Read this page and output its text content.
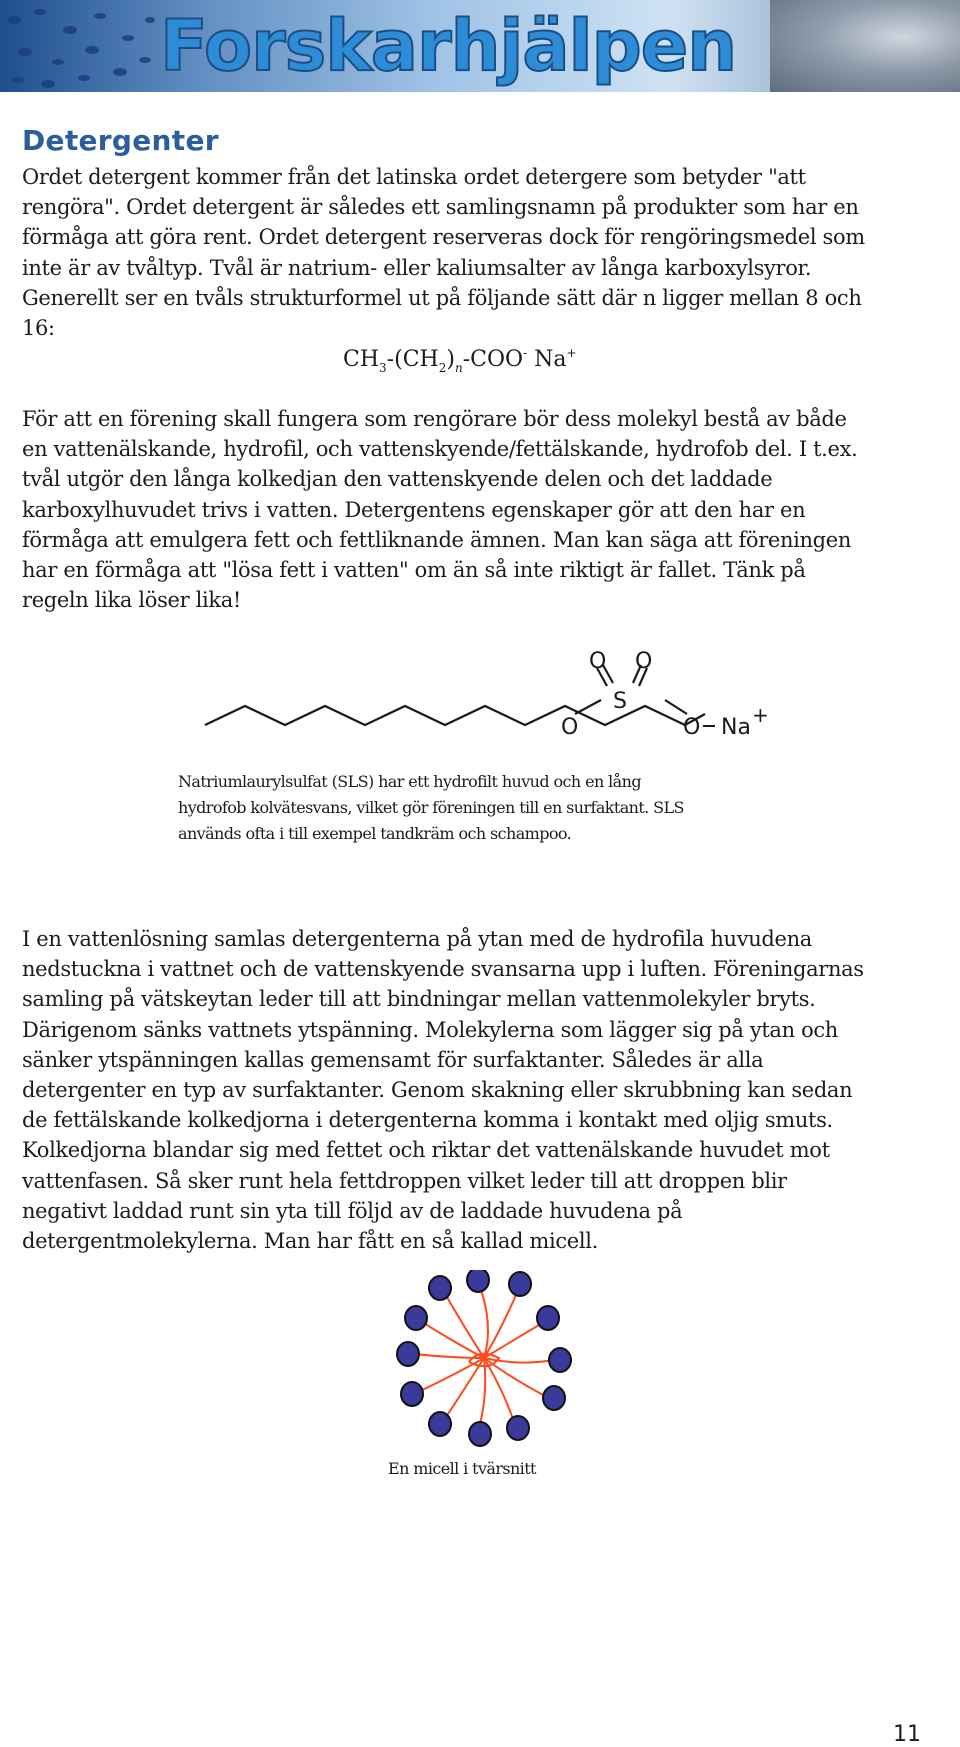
Forskarhjälpen
Detergenter

Ordet detergent kommer från det latinska ordet detergere som betyder "att
rengöra". Ordet detergent är således ett samlingsnamn på produkter som har en
förmåga att göra rent. Ordet detergent reserveras dock för rengöringsmedel som
inte är av tvåltyp. Tvål är natrium- eller kaliumsalter av långa karboxylsyror.
Generellt ser en tvåls strukturformel ut på följande sätt där n ligger mellan 8 och
16:

$CH_3-(CH_2)_n-COO^-$ Na+

För att en förening skall fungera som rengörare bör dess molekyl bestå av både
en vattenälskande, hydrofil, och vattenskyende/fettälskande, hydrofob del. I t.ex.
tvål utgör den långa kolkedjan den vattenskyende delen och det laddade
karboxylhuvudet trivs i vatten. Detergentens egenskaper gör att den har en
förmåga att emulgera fett och fettliknande ämnen. Man kan säga att föreningen
har en förmåga att "lösa fett i vatten" om än så inte riktigt är fallet. Tänk på
regeln lika löser lika!

O O
S
O	O Na +

Natriumlaurylsulfat (SLS) har ett hydrofilt huvud och en lång
hydrofob kolvätesvans, vilket gör föreningen till en surfaktant. SLS
används ofta i till exempel tandkräm och schampoo.

I en vattenlösning samlas detergenterna på ytan med de hydrofila huvudena
nedstuckna i vattnet och de vattenskyende svansarna upp i luften. Föreningarnas
samling på vätskeytan leder till att bindningar mellan vattenmolekyler bryts.
Därigenom sänks vattnets ytspänning. Molekylerna som lägger sig på ytan och
sänker ytspänningen kallas gemensamt för surfaktanter. Således är alla
detergenter en typ av surfaktanter. Genom skakning eller skrubbning kan sedan
de fettälskande kolkedjorna i detergenterna komma i kontakt med oljig smuts.
Kolkedjorna blandar sig med fettet och riktar det vattenälskande huvudet mot
vattenfasen. Så sker runt hela fettdroppen vilket leder till att droppen blir
negativt laddad runt sin yta till följd av de laddade huvudena på
detergentmolekylerna. Man har fått en så kallad micell.

En micell i tvärsnitt

11
